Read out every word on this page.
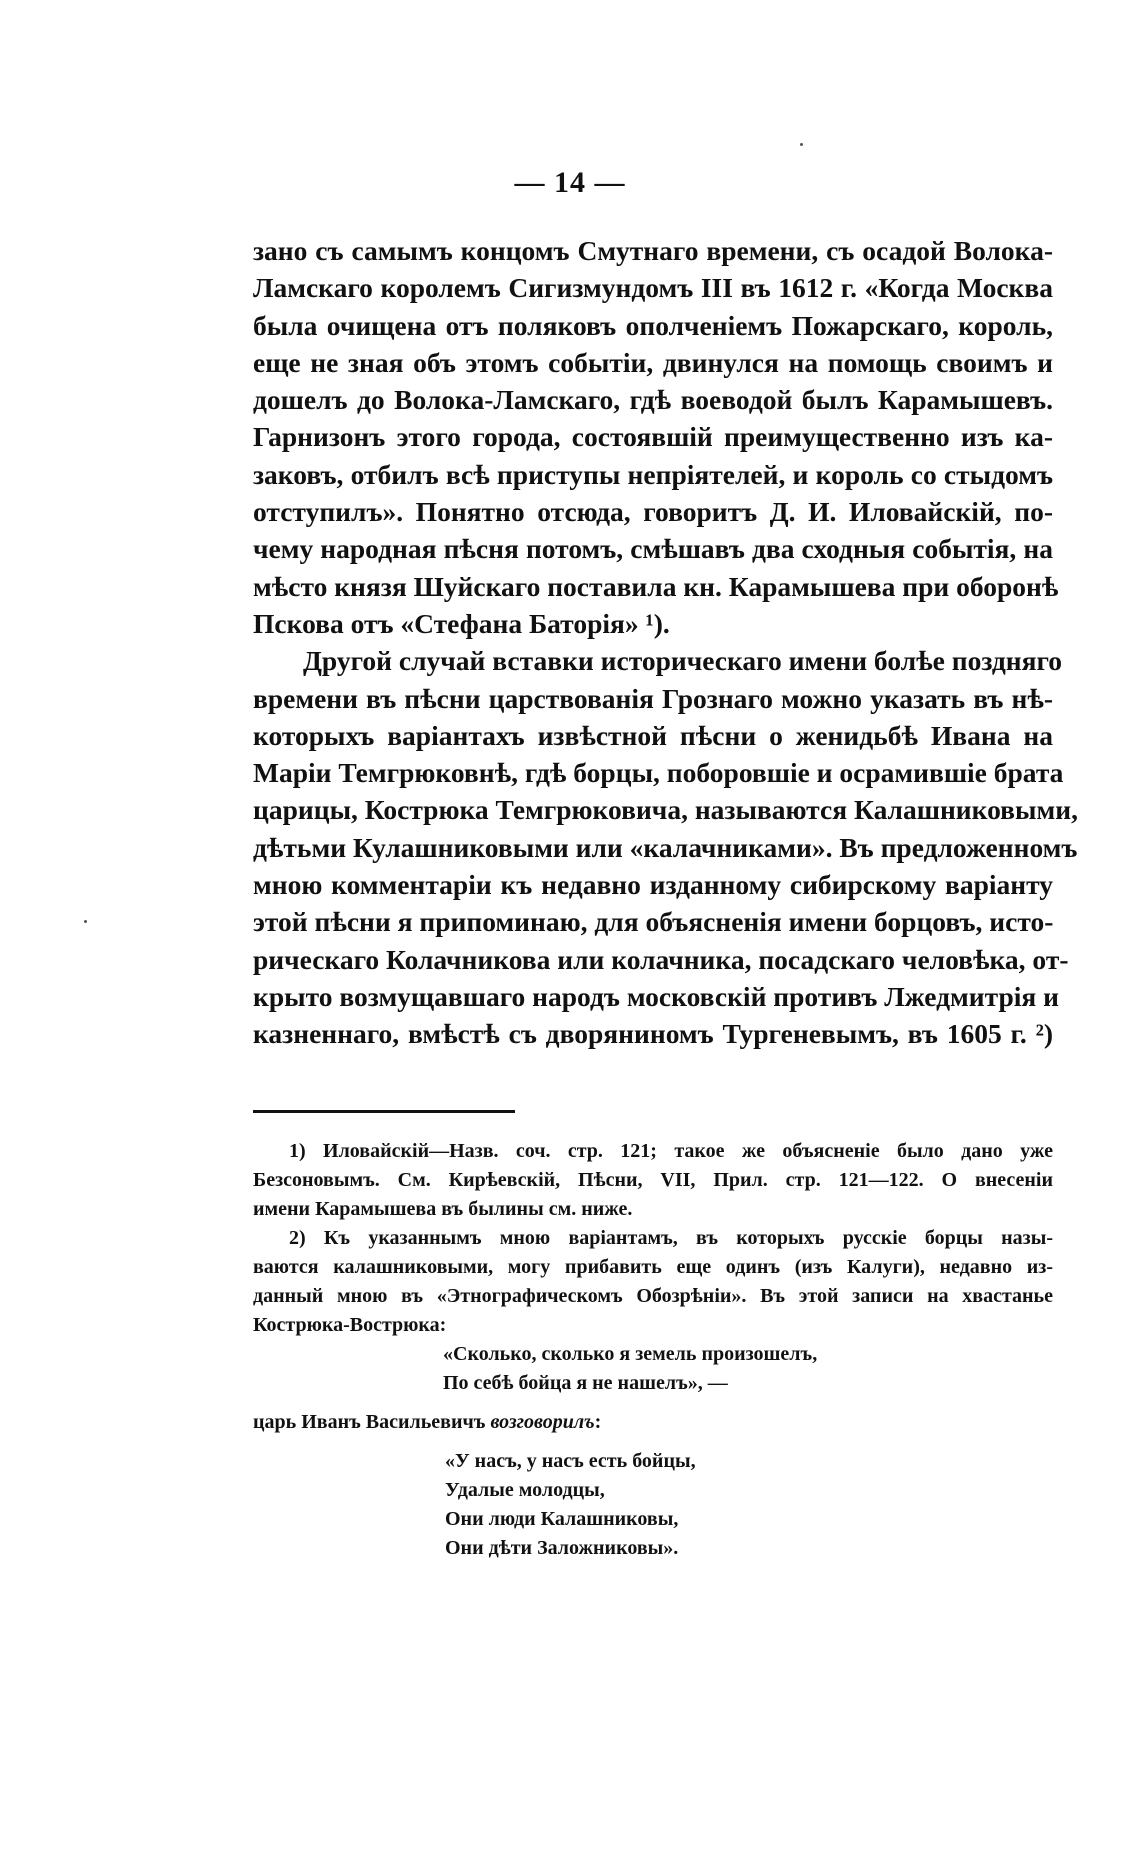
— 14 —
зано съ самымъ концомъ Смутнаго времени, съ осадой Волока-
Ламскаго королемъ Сигизмундомъ III въ 1612 г. «Когда Москва
была очищена отъ поляковъ ополченіемъ Пожарскаго, король,
еще не зная объ этомъ событіи, двинулся на помощь своимъ и
дошелъ до Волока-Ламскаго, гдѣ воеводой былъ Карамышевъ.
Гарнизонъ этого города, состоявшій преимущественно изъ ка-
заковъ, отбилъ всѣ приступы непріятелей, и король со стыдомъ
отступилъ». Понятно отсюда, говоритъ Д. И. Иловайскій, по-
чему народная пѣсня потомъ, смѣшавъ два сходныя событія, на
мѣсто князя Шуйскаго поставила кн. Карамышева при оборонѣ
Пскова отъ «Стефана Баторія» ¹).
Другой случай вставки историческаго имени болѣе поздняго
времени въ пѣсни царствованія Грознаго можно указать въ нѣ-
которыхъ варіантахъ извѣстной пѣсни о женидьбѣ Ивана на
Маріи Темгрюковнѣ, гдѣ борцы, поборовшіе и осрамившіе брата
царицы, Кострюка Темгрюковича, называются Калашниковыми,
дѣтьми Кулашниковыми или «калачниками». Въ предложенномъ
мною комментаріи къ недавно изданному сибирскому варіанту
этой пѣсни я припоминаю, для объясненія имени борцовъ, исто-
рическаго Колачникова или колачника, посадскаго человѣка, от-
крыто возмущавшаго народъ московскій противъ Лжедмитрія и
казненнаго, вмѣстѣ съ дворяниномъ Тургеневымъ, въ 1605 г. ²)
1) Иловайскій—Назв. соч. стр. 121; такое же объясненіе было дано уже
Безсоновымъ. См. Кирѣевскій, Пѣсни, VII, Прил. стр. 121—122. О внесеніи
имени Карамышева въ былины см. ниже.
2) Къ указаннымъ мною варіантамъ, въ которыхъ русскіе борцы назы-
ваются калашниковыми, могу прибавить еще одинъ (изъ Калуги), недавно из-
данный мною въ «Этнографическомъ Обозрѣніи». Въ этой записи на хвастанье
Кострюка-Вострюка:
«Сколько, сколько я земель произошелъ,
По себѣ бойца я не нашелъ», —
царь Иванъ Васильевичъ возговорилъ:
«У насъ, у насъ есть бойцы,
Удалые молодцы,
Они люди Калашниковы,
Они дѣти Заложниковы».
